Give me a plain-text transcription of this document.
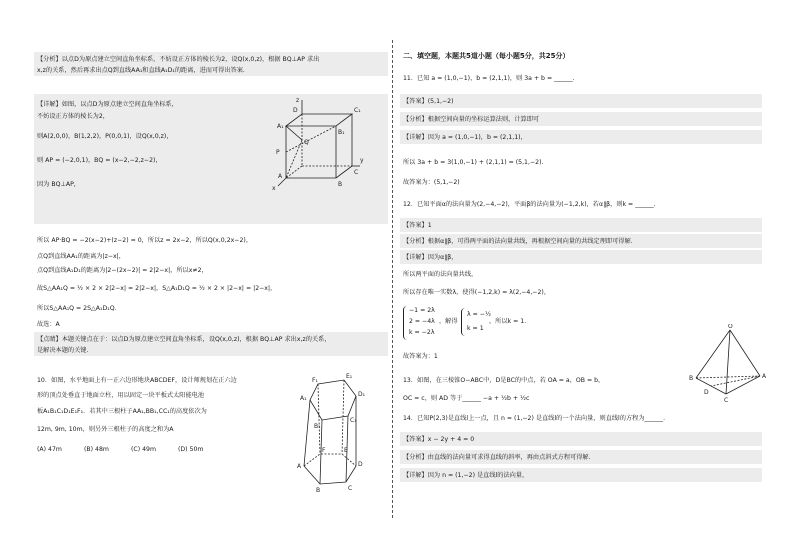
【分析】以点D为原点建立空间直角坐标系，不妨设正方体的棱长为2，设Q(x,0,z)，根据 BQ⊥AP 求出
x,z的关系，然后再求出点Q到直线AA₁和直线A₁D₁的距离，进而可得出答案.
【详解】如图，以点D为原点建立空间直角坐标系，
不妨设正方体的棱长为2，
则A(2,0,0)，B(1,2,2)，P(0,0,1)，设Q(x,0,z)，
则 AP = (−2,0,1)，BQ = (x−2,−2,z−2)，
因为 BQ⊥AP，
z
D	C₁
A₁
B₁
P
Q
C
y
A
B
x
所以 AP·BQ = −2(x−2)+(z−2) = 0，所以z = 2x−2，所以Q(x,0,2x−2)，
点Q到直线AA₁的距离为|z−x|，
点Q到直线A₁D₁的距离为|2−(2x−2)| = 2|2−x|，所以x≠2，
故S△AA₁Q = ½ × 2 × 2|2−x| = 2|2−x|，S△A₁D₁Q = ½ × 2 × |2−x| = |2−x|，
所以S△AA₁Q = 2S△A₁D₁Q.
故选：A
【点睛】本题关键点在于：以点D为原点建立空间直角坐标系，设Q(x,0,z)，根据 BQ⊥AP 求出x,z的关系，
是解决本题的关键.
10．如图，水平地面上有一正六边形地块ABCDEF，设计师规划在正六边
形的顶点处垂直于地面立柱，用以固定一块平板式太阳能电池
板A₁B₁C₁D₁E₁F₁．若其中三根柱子AA₁,BB₁,CC₁的高度依次为
12m, 9m, 10m，则另外三根柱子的高度之和为A
(A) 47m	(B) 48m	(C) 49m	(D) 50m
E₁
F₁
D₁
A₁
B₁
C₁
E
F
D
A
C
B
二、填空题，本题共5道小题（每小题5分，共25分）
11．已知 a = (1,0,−1)，b = (2,1,1)，则 3a + b = ______.
【答案】(5,1,−2)
【分析】根据空间向量的坐标运算法则，计算即可
【详解】因为 a = (1,0,−1)，b = (2,1,1)，
所以 3a + b = 3(1,0,−1) + (2,1,1) = (5,1,−2).
故答案为：(5,1,−2)
12．已知平面α的法向量为(2,−4,−2)，平面β的法向量为(−1,2,k)，若α∥β，则k = ______.
【答案】1
【分析】根据α∥β，可得两平面的法向量共线，再根据空间向量的共线定理即可得解.
【详解】因为α∥β，
所以两平面的法向量共线，
所以存在唯一实数λ，使得(−1,2,k) = λ(2,−4,−2)，
−1 = 2λ
2 = −4λ
k = −2λ
，解得
λ = −½
k = 1
，所以k = 1.
故答案为：1
O
A
B
D
C
13．如图，在三棱锥O−ABC中，D是BC的中点，若 OA = a，OB = b，
OC = c，则 AD 等于______ −a + ½b + ½c
14．已知P(2,3)是直线l上一点，且 n = (1,−2) 是直线l的一个法向量，则直线l的方程为______.
【答案】x − 2y + 4 = 0
【分析】由直线的法向量可求得直线的斜率，再由点斜式方程可得解.
【详解】因为 n = (1,−2) 是直线l的法向量，
